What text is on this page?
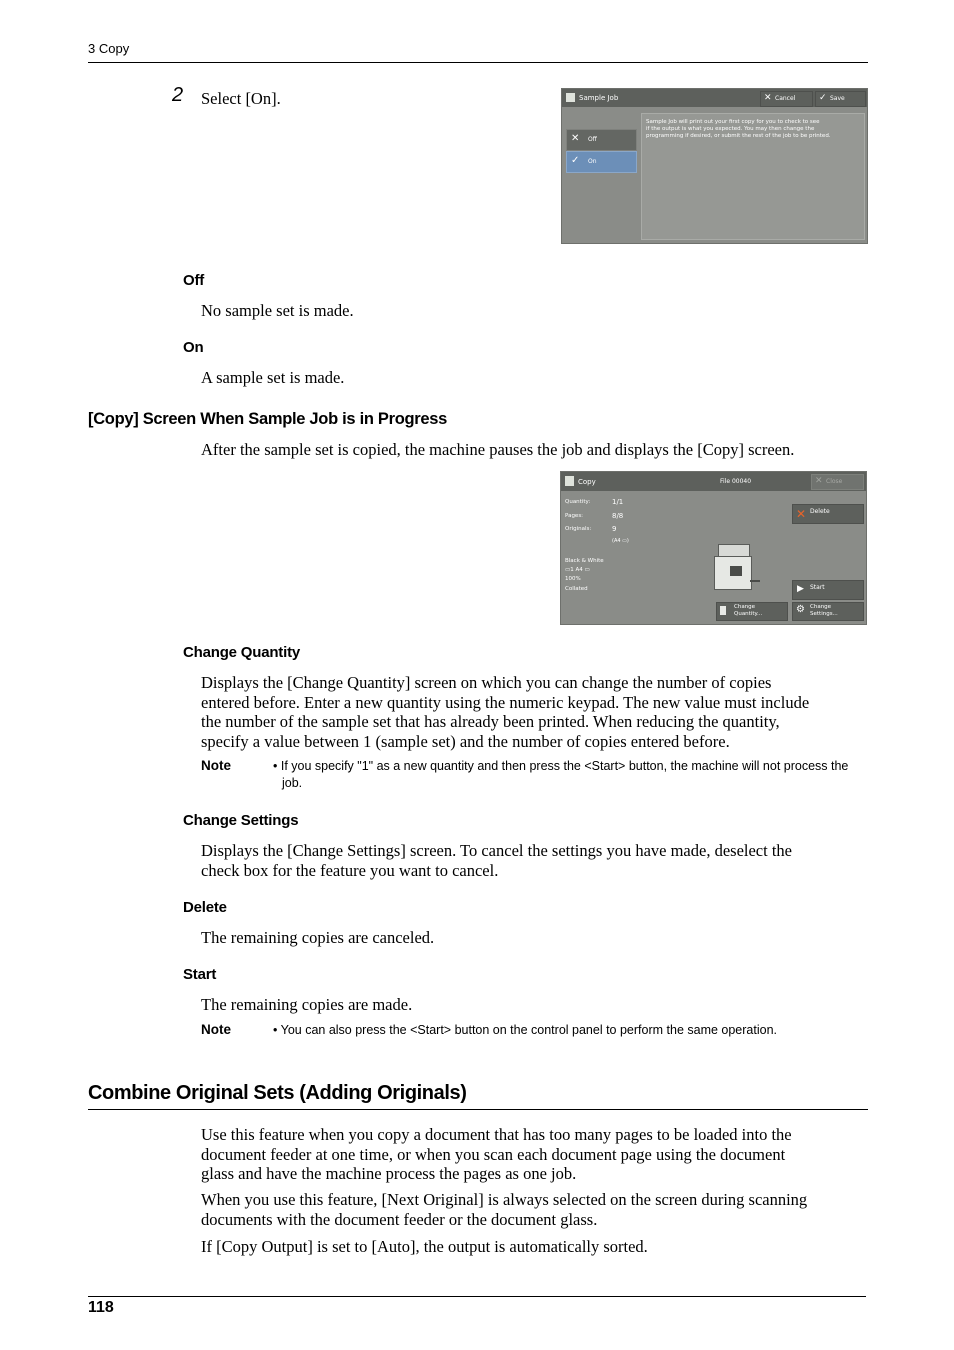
3 Copy
2 Select [On].	Sample Job	✕ Cancel	✓ Save
✕ Off
✓ On
Sample Job will print out your first copy for you to check to see
if the output is what you expected. You may then change the
programming if desired, or submit the rest of the job to be printed.
Off
No sample set is made.
On
A sample set is made.
[Copy] Screen When Sample Job is in Progress
After the sample set is copied, the machine pauses the job and displays the [Copy] screen.
Copy	File 00040	✕ Close
Quantity:	1/1
Pages:	8/8
Originals:	9
(A4 ▭)
Black & White
▭1 A4 ▭
100%
Collated
✕ Delete
▶ Start
Change
Quantity...	⚙ Change
Settings...
Change Quantity
Displays the [Change Quantity] screen on which you can change the number of copies
entered before. Enter a new quantity using the numeric keypad. The new value must include
the number of the sample set that has already been printed. When reducing the quantity,
specify a value between 1 (sample set) and the number of copies entered before.
Note	• If you specify "1" as a new quantity and then press the <Start> button, the machine will not process the
job.
Change Settings
Displays the [Change Settings] screen. To cancel the settings you have made, deselect the
check box for the feature you want to cancel.
Delete
The remaining copies are canceled.
Start
The remaining copies are made.
Note	• You can also press the <Start> button on the control panel to perform the same operation.
Combine Original Sets (Adding Originals)
Use this feature when you copy a document that has too many pages to be loaded into the
document feeder at one time, or when you scan each document page using the document
glass and have the machine process the pages as one job.
When you use this feature, [Next Original] is always selected on the screen during scanning
documents with the document feeder or the document glass.
If [Copy Output] is set to [Auto], the output is automatically sorted.
118
